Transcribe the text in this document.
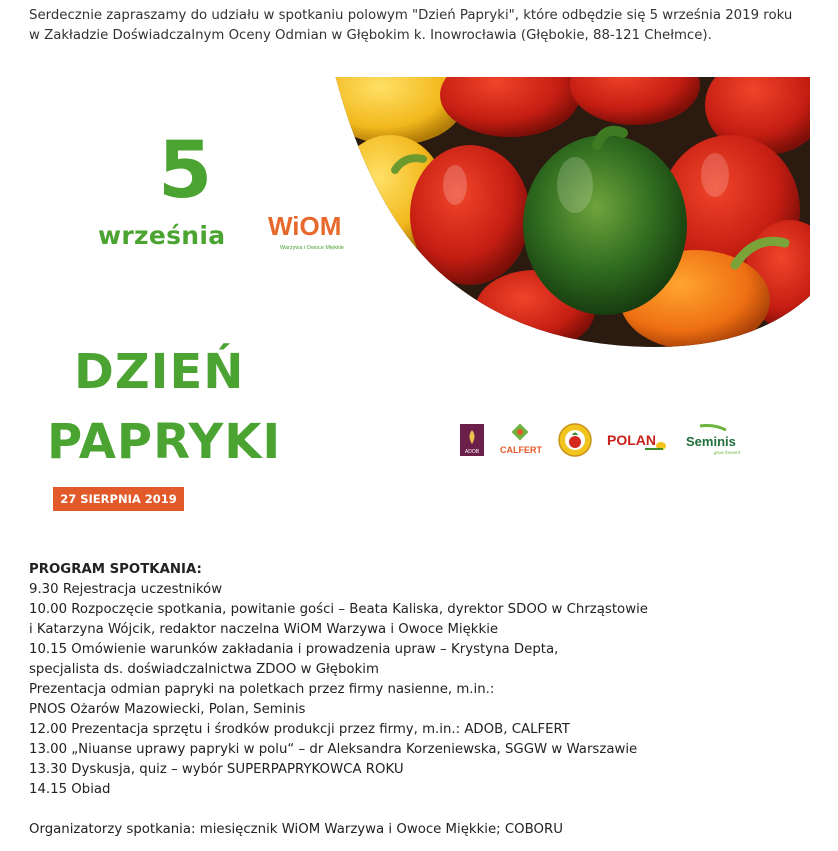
Serdecznie zapraszamy do udziału w spotkaniu polowym "Dzień Papryki", które odbędzie się 5 września 2019 roku

w Zakładzie Doświadczalnym Oceny Odmian w Głębokim k. Inowrocławia (Głębokie, 88-121 Chełmce).

5
września WiOM
Warzywa i Owoce Miękkie
DZIEŃ
PAPRYKI
27 SIERPNIA 2019
ADOB CALFERT
POLAN Seminis
grow forward

PROGRAM SPOTKANIA:

9.30 Rejestracja uczestników

10.00 Rozpoczęcie spotkania, powitanie gości – Beata Kaliska, dyrektor SDOO w Chrząstowie

i Katarzyna Wójcik, redaktor naczelna WiOM Warzywa i Owoce Miękkie

10.15 Omówienie warunków zakładania i prowadzenia upraw – Krystyna Depta,

specjalista ds. doświadczalnictwa ZDOO w Głębokim

Prezentacja odmian papryki na poletkach przez firmy nasienne, m.in.:

PNOS Ożarów Mazowiecki, Polan, Seminis

12.00 Prezentacja sprzętu i środków produkcji przez firmy, m.in.: ADOB, CALFERT

13.00 „Niuanse uprawy papryki w polu“ – dr Aleksandra Korzeniewska, SGGW w Warszawie

13.30 Dyskusja, quiz – wybór SUPERPAPRYKOWCA ROKU

14.15 Obiad

Organizatorzy spotkania: miesięcznik WiOM Warzywa i Owoce Miękkie; COBORU
